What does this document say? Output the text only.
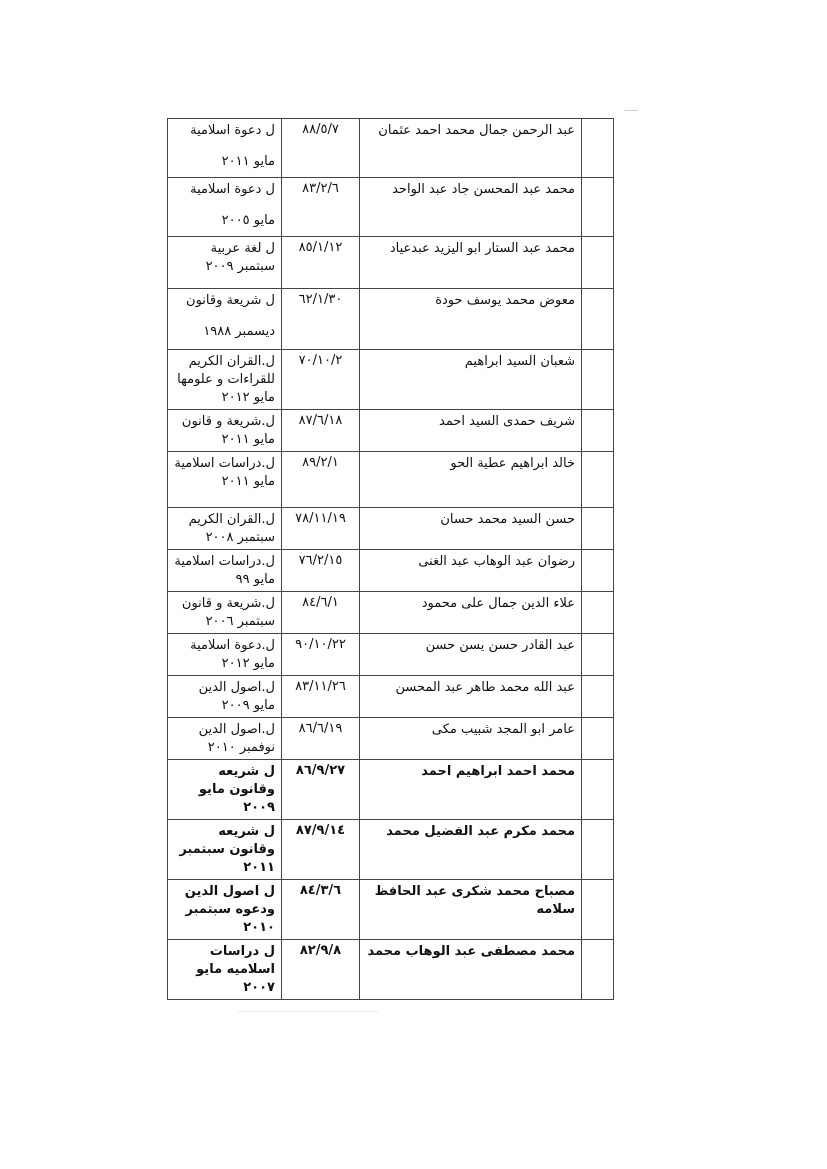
	عبد الرحمن جمال محمد احمد عثمان	٨٨/٥/٧	ل دعوة اسلامية
مايو ٢٠١١

	محمد عبد المحسن جاد عبد الواحد	٨٣/٢/٦	ل دعوة اسلامية
مايو ٢٠٠٥

	محمد عبد الستار ابو اليزيد عبدعياد	٨٥/١/١٢	ل لغة عربية سبتمبر ٢٠٠٩

	معوض محمد يوسف حودة	٦٢/١/٣٠	ل شريعة وقانون
ديسمبر ١٩٨٨

	شعبان السيد ابراهيم	٧٠/١٠/٢	ل.القران الكريم للقراءات و علومها مايو ٢٠١٢

	شريف حمدى السيد احمد	٨٧/٦/١٨	ل.شريعة و قانون مايو ٢٠١١

	خالد ابراهيم عطية الحو	٨٩/٢/١	ل.دراسات اسلامية مايو ٢٠١١

	حسن السيد محمد حسان	٧٨/١١/١٩	ل.القران الكريم سبتمبر ٢٠٠٨

	رضوان عبد الوهاب عبد الغنى	٧٦/٢/١٥	ل.دراسات اسلامية مايو ٩٩

	علاء الدين جمال على محمود	٨٤/٦/١	ل.شريعة و قانون سبتمبر ٢٠٠٦

	عبد القادر حسن يسن حسن	٩٠/١٠/٢٢	ل.دعوة اسلامية مايو ٢٠١٢

	عبد الله محمد طاهر عبد المحسن	٨٣/١١/٢٦	ل.اصول الدين مايو ٢٠٠٩

	عامر ابو المجد شبيب مكى	٨٦/٦/١٩	ل.اصول الدين نوفمبر ٢٠١٠

	محمد احمد ابراهيم احمد	٨٦/٩/٢٧	ل شريعه وقانون مايو ٢٠٠٩

	محمد مكرم عبد الفضيل محمد	٨٧/٩/١٤	ل شريعه وقانون سبتمبر ٢٠١١

	مصباح محمد شكرى عبد الحافظ سلامه	٨٤/٣/٦	ل اصول الدين ودعوه سبتمبر ٢٠١٠

	محمد مصطفى عبد الوهاب محمد	٨٢/٩/٨	ل دراسات اسلاميه مايو ٢٠٠٧
